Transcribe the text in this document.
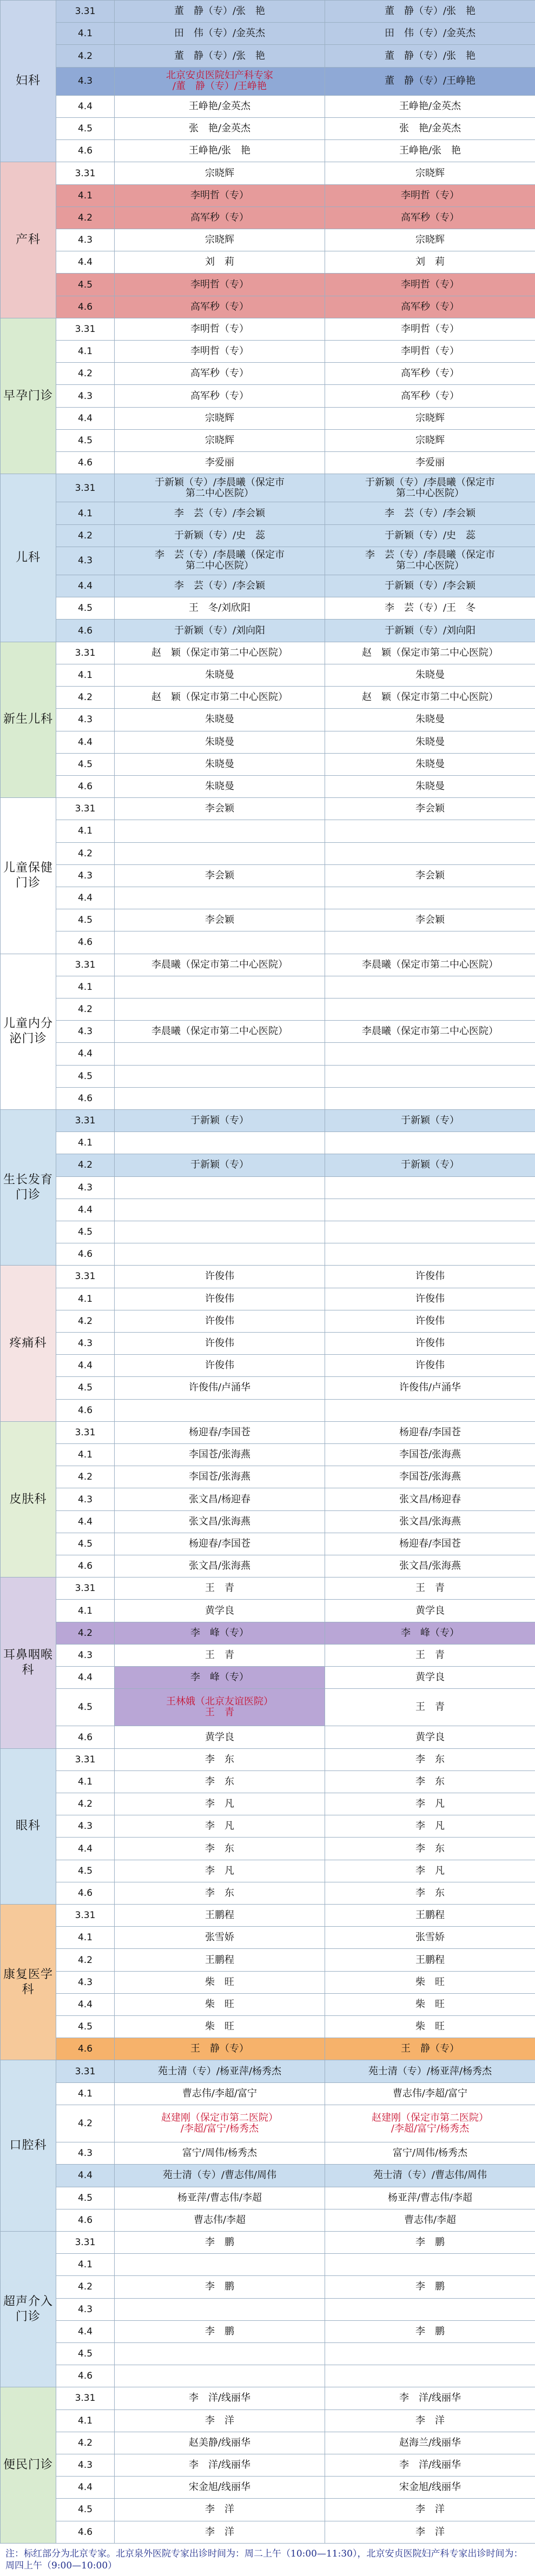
妇科	3.31	董　静（专）/张　艳	董　静（专）/张　艳
	4.1	田　伟（专）/金英杰	田　伟（专）/金英杰
	4.2	董　静（专）/张　艳	董　静（专）/张　艳
	4.3	北京安贞医院妇产科专家
/董　静（专）/王峥艳	董　静（专）/王峥艳
	4.4	王峥艳/金英杰	王峥艳/金英杰
	4.5	张　艳/金英杰	张　艳/金英杰
	4.6	王峥艳/张　艳	王峥艳/张　艳
产科	3.31	宗晓辉	宗晓辉
	4.1	李明哲（专）	李明哲（专）
	4.2	高军秒（专）	高军秒（专）
	4.3	宗晓辉	宗晓辉
	4.4	刘　莉	刘　莉
	4.5	李明哲（专）	李明哲（专）
	4.6	高军秒（专）	高军秒（专）
早孕门诊	3.31	李明哲（专）	李明哲（专）
	4.1	李明哲（专）	李明哲（专）
	4.2	高军秒（专）	高军秒（专）
	4.3	高军秒（专）	高军秒（专）
	4.4	宗晓辉	宗晓辉
	4.5	宗晓辉	宗晓辉
	4.6	李爱丽	李爱丽
儿科	3.31	于新颖（专）/李晨曦（保定市
第二中心医院）	于新颖（专）/李晨曦（保定市
第二中心医院）
	4.1	李　芸（专）/李会颖	李　芸（专）/李会颖
	4.2	于新颖（专）/史　蕊	于新颖（专）/史　蕊
	4.3	李　芸（专）/李晨曦（保定市
第二中心医院）	李　芸（专）/李晨曦（保定市
第二中心医院）
	4.4	李　芸（专）/李会颖	于新颖（专）/李会颖
	4.5	王　冬/刘欣阳	李　芸（专）/王　冬
	4.6	于新颖（专）/刘向阳	于新颖（专）/刘向阳
新生儿科	3.31	赵　颖（保定市第二中心医院）	赵　颖（保定市第二中心医院）
	4.1	朱晓曼	朱晓曼
	4.2	赵　颖（保定市第二中心医院）	赵　颖（保定市第二中心医院）
	4.3	朱晓曼	朱晓曼
	4.4	朱晓曼	朱晓曼
	4.5	朱晓曼	朱晓曼
	4.6	朱晓曼	朱晓曼
儿童保健
门诊	3.31	李会颖	李会颖
	4.1		
	4.2		
	4.3	李会颖	李会颖
	4.4		
	4.5	李会颖	李会颖
	4.6		
儿童内分
泌门诊	3.31	李晨曦（保定市第二中心医院）	李晨曦（保定市第二中心医院）
	4.1		
	4.2		
	4.3	李晨曦（保定市第二中心医院）	李晨曦（保定市第二中心医院）
	4.4		
	4.5		
	4.6		
生长发育
门诊	3.31	于新颖（专）	于新颖（专）
	4.1		
	4.2	于新颖（专）	于新颖（专）
	4.3		
	4.4		
	4.5		
	4.6		
疼痛科	3.31	许俊伟	许俊伟
	4.1	许俊伟	许俊伟
	4.2	许俊伟	许俊伟
	4.3	许俊伟	许俊伟
	4.4	许俊伟	许俊伟
	4.5	许俊伟/卢涌华	许俊伟/卢涌华
	4.6		
皮肤科	3.31	杨迎春/李国苍	杨迎春/李国苍
	4.1	李国苍/张海燕	李国苍/张海燕
	4.2	李国苍/张海燕	李国苍/张海燕
	4.3	张文昌/杨迎春	张文昌/杨迎春
	4.4	张文昌/张海燕	张文昌/张海燕
	4.5	杨迎春/李国苍	杨迎春/李国苍
	4.6	张文昌/张海燕	张文昌/张海燕
耳鼻咽喉
科	3.31	王　青	王　青
	4.1	黄学良	黄学良
	4.2	李　峰（专）	李　峰（专）
	4.3	王　青	王　青
	4.4	李　峰（专）	黄学良
	4.5	王林娥（北京友谊医院）
王　青	王　青
	4.6	黄学良	黄学良
眼科	3.31	李　东	李　东
	4.1	李　东	李　东
	4.2	李　凡	李　凡
	4.3	李　凡	李　凡
	4.4	李　东	李　东
	4.5	李　凡	李　凡
	4.6	李　东	李　东
康复医学
科	3.31	王鹏程	王鹏程
	4.1	张雪娇	张雪娇
	4.2	王鹏程	王鹏程
	4.3	柴　旺	柴　旺
	4.4	柴　旺	柴　旺
	4.5	柴　旺	柴　旺
	4.6	王　静（专）	王　静（专）
口腔科	3.31	苑士清（专）/杨亚萍/杨秀杰	苑士清（专）/杨亚萍/杨秀杰
	4.1	曹志伟/李超/富宁	曹志伟/李超/富宁
	4.2	赵建刚（保定市第二医院）
/李超/富宁/杨秀杰	赵建刚（保定市第二医院）
/李超/富宁/杨秀杰
	4.3	富宁/周伟/杨秀杰	富宁/周伟/杨秀杰
	4.4	苑士清（专）/曹志伟/周伟	苑士清（专）/曹志伟/周伟
	4.5	杨亚萍/曹志伟/李超	杨亚萍/曹志伟/李超
	4.6	曹志伟/李超	曹志伟/李超
超声介入
门诊	3.31	李　鹏	李　鹏
	4.1		
	4.2	李　鹏	李　鹏
	4.3		
	4.4	李　鹏	李　鹏
	4.5		
	4.6		
便民门诊	3.31	李　洋/线丽华	李　洋/线丽华
	4.1	李　洋	李　洋
	4.2	赵美静/线丽华	赵海兰/线丽华
	4.3	李　洋/线丽华	李　洋/线丽华
	4.4	宋金旭/线丽华	宋金旭/线丽华
	4.5	李　洋	李　洋
	4.6	李　洋	李　洋
注：标红部分为北京专家。北京泉外医院专家出诊时间为：周二上午（10:00—11:30），北京安贞医院妇产科专家出诊时间为：周四上午（9:00—10:00）
